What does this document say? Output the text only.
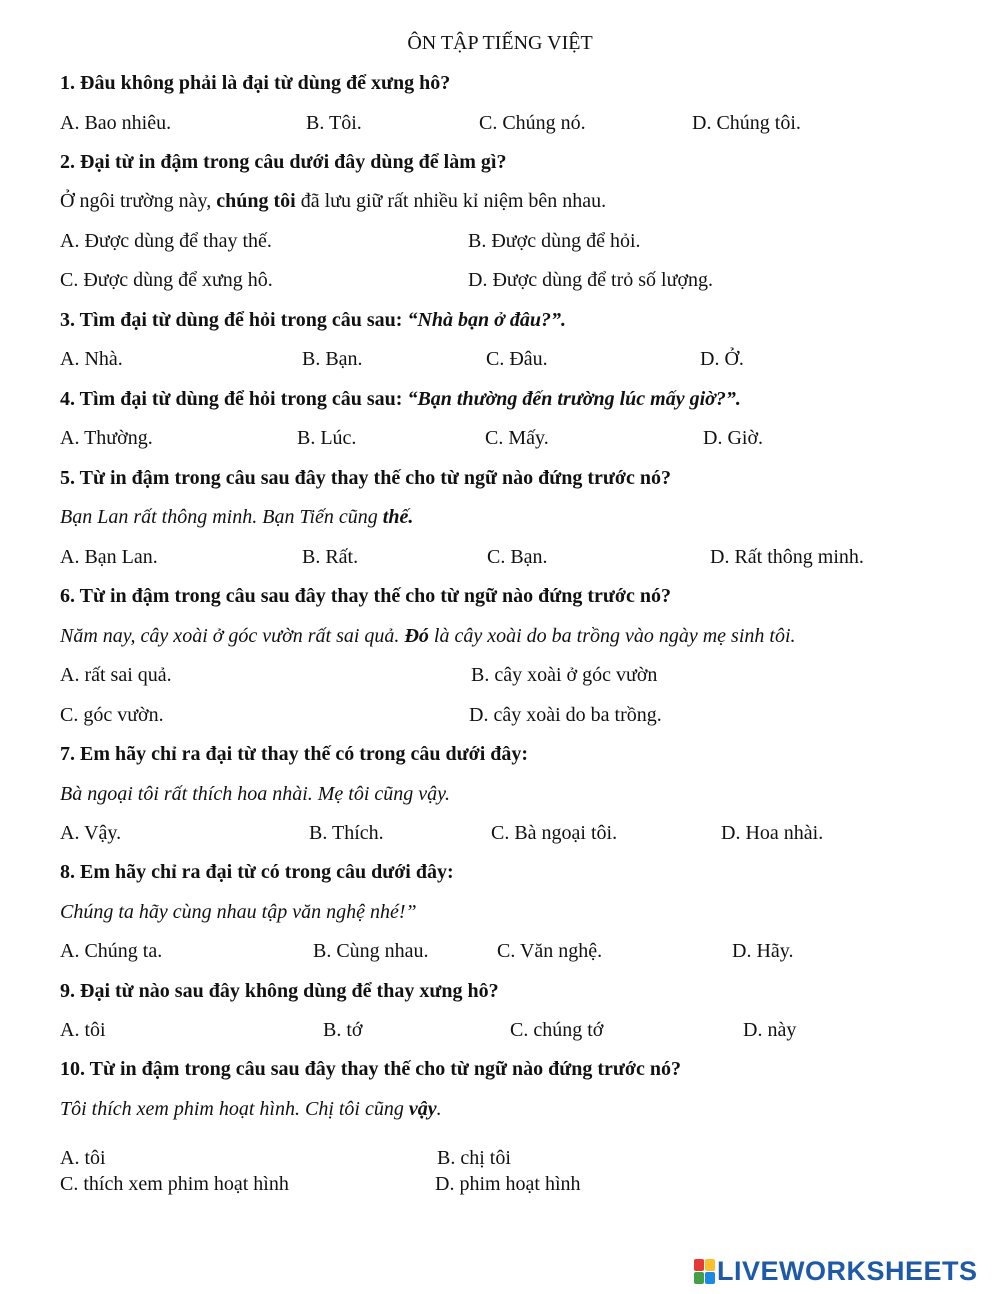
ÔN TẬP TIẾNG VIỆT
1. Đâu không phải là đại từ dùng để xưng hô?
A. Bao nhiêu.	B. Tôi.	C. Chúng nó.	D. Chúng tôi.
2. Đại từ in đậm trong câu dưới đây dùng để làm gì?
Ở ngôi trường này, chúng tôi đã lưu giữ rất nhiều kỉ niệm bên nhau.
A. Được dùng để thay thế.	B. Được dùng để hỏi.
C. Được dùng để xưng hô.	D. Được dùng để trỏ số lượng.
3. Tìm đại từ dùng để hỏi trong câu sau: “Nhà bạn ở đâu?”.
A. Nhà.	B. Bạn.	C. Đâu.	D. Ở.
4. Tìm đại từ dùng để hỏi trong câu sau: “Bạn thường đến trường lúc mấy giờ?”.
A. Thường.	B. Lúc.	C. Mấy.	D. Giờ.
5. Từ in đậm trong câu sau đây thay thế cho từ ngữ nào đứng trước nó?
Bạn Lan rất thông minh. Bạn Tiến cũng thế.
A. Bạn Lan.	B. Rất.	C. Bạn.	D. Rất thông minh.
6. Từ in đậm trong câu sau đây thay thế cho từ ngữ nào đứng trước nó?
Năm nay, cây xoài ở góc vườn rất sai quả. Đó là cây xoài do ba trồng vào ngày mẹ sinh tôi.
A. rất sai quả.	B. cây xoài ở góc vườn
C. góc vườn.	D. cây xoài do ba trồng.
7. Em hãy chỉ ra đại từ thay thế có trong câu dưới đây:
Bà ngoại tôi rất thích hoa nhài. Mẹ tôi cũng vậy.
A. Vậy.	B. Thích.	C. Bà ngoại tôi.	D. Hoa nhài.
8. Em hãy chỉ ra đại từ có trong câu dưới đây:
Chúng ta hãy cùng nhau tập văn nghệ nhé!”
A. Chúng ta.	B. Cùng nhau.	C. Văn nghệ.	D. Hãy.
9. Đại từ nào sau đây không dùng để thay xưng hô?
A. tôi	B. tớ	C. chúng tớ	D. này
10. Từ in đậm trong câu sau đây thay thế cho từ ngữ nào đứng trước nó?
Tôi thích xem phim hoạt hình. Chị tôi cũng vậy.
A. tôi	B. chị tôi
C. thích xem phim hoạt hình	D. phim hoạt hình
LIVEWORKSHEETS
